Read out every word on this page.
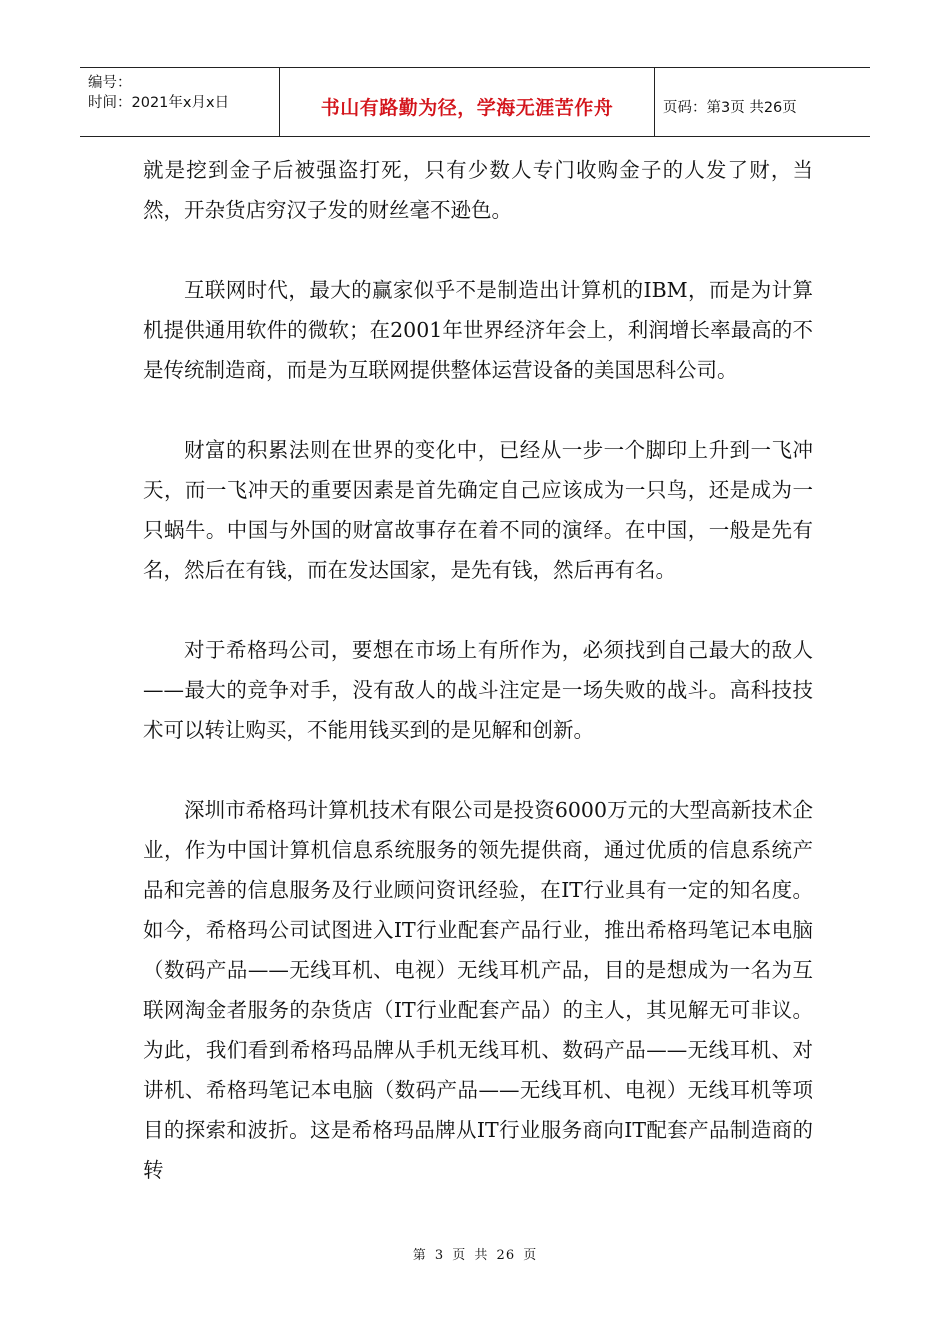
编号：
时间：2021年x月x日	书山有路勤为径，学海无涯苦作舟	页码：第3页 共26页

就是挖到金子后被强盗打死，只有少数人专门收购金子的人发了财，当然，开杂货店穷汉子发的财丝毫不逊色。

互联网时代，最大的赢家似乎不是制造出计算机的IBM，而是为计算机提供通用软件的微软；在2001年世界经济年会上，利润增长率最高的不是传统制造商，而是为互联网提供整体运营设备的美国思科公司。

财富的积累法则在世界的变化中，已经从一步一个脚印上升到一飞冲天，而一飞冲天的重要因素是首先确定自己应该成为一只鸟，还是成为一只蜗牛。中国与外国的财富故事存在着不同的演绎。在中国，一般是先有名，然后在有钱，而在发达国家，是先有钱，然后再有名。

对于希格玛公司，要想在市场上有所作为，必须找到自己最大的敌人——最大的竞争对手，没有敌人的战斗注定是一场失败的战斗。高科技技术可以转让购买，不能用钱买到的是见解和创新。

深圳市希格玛计算机技术有限公司是投资6000万元的大型高新技术企业，作为中国计算机信息系统服务的领先提供商，通过优质的信息系统产品和完善的信息服务及行业顾问资讯经验，在IT行业具有一定的知名度。如今，希格玛公司试图进入IT行业配套产品行业，推出希格玛笔记本电脑（数码产品——无线耳机、电视）无线耳机产品，目的是想成为一名为互联网淘金者服务的杂货店（IT行业配套产品）的主人，其见解无可非议。为此，我们看到希格玛品牌从手机无线耳机、数码产品——无线耳机、对讲机、希格玛笔记本电脑（数码产品——无线耳机、电视）无线耳机等项目的探索和波折。这是希格玛品牌从IT行业服务商向IT配套产品制造商的转

第 3 页 共 26 页
